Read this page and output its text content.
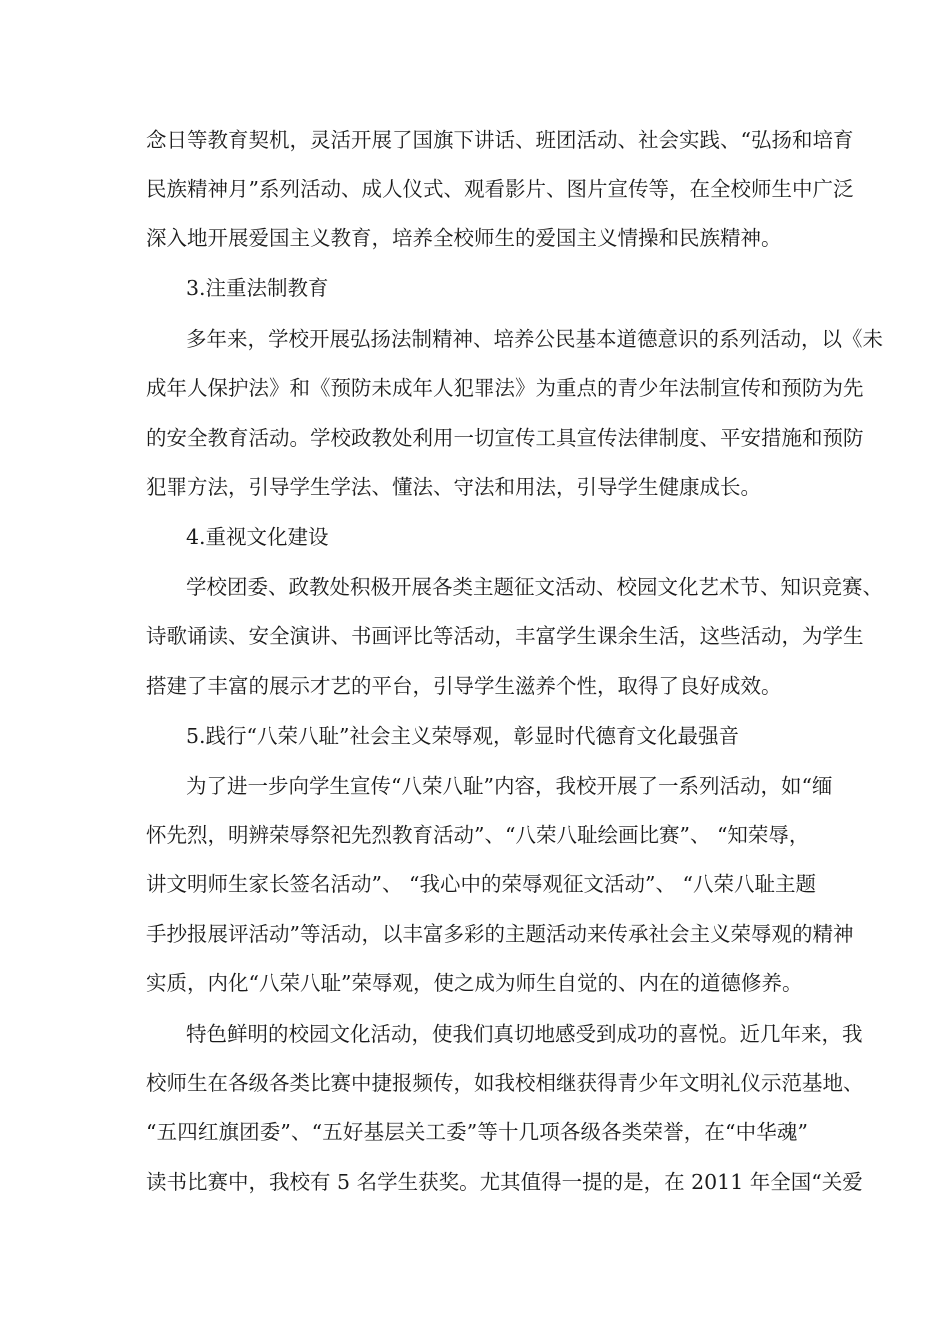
念日等教育契机，灵活开展了国旗下讲话、班团活动、社会实践、“弘扬和培育
民族精神月”系列活动、成人仪式、观看影片、图片宣传等，在全校师生中广泛
深入地开展爱国主义教育，培养全校师生的爱国主义情操和民族精神。
3.注重法制教育
多年来，学校开展弘扬法制精神、培养公民基本道德意识的系列活动，以《未
成年人保护法》和《预防未成年人犯罪法》为重点的青少年法制宣传和预防为先
的安全教育活动。学校政教处利用一切宣传工具宣传法律制度、平安措施和预防
犯罪方法，引导学生学法、懂法、守法和用法，引导学生健康成长。
4.重视文化建设
学校团委、政教处积极开展各类主题征文活动、校园文化艺术节、知识竞赛、
诗歌诵读、安全演讲、书画评比等活动，丰富学生课余生活，这些活动，为学生
搭建了丰富的展示才艺的平台，引导学生滋养个性，取得了良好成效。
5.践行“八荣八耻”社会主义荣辱观，彰显时代德育文化最强音
为了进一步向学生宣传“八荣八耻”内容，我校开展了一系列活动，如“缅
怀先烈，明辨荣辱祭祀先烈教育活动”、“八荣八耻绘画比赛”、 “知荣辱，
讲文明师生家长签名活动”、 “我心中的荣辱观征文活动”、 “八荣八耻主题
手抄报展评活动”等活动，以丰富多彩的主题活动来传承社会主义荣辱观的精神
实质，内化“八荣八耻”荣辱观，使之成为师生自觉的、内在的道德修养。
特色鲜明的校园文化活动，使我们真切地感受到成功的喜悦。近几年来，我
校师生在各级各类比赛中捷报频传，如我校相继获得青少年文明礼仪示范基地、
“五四红旗团委”、“五好基层关工委”等十几项各级各类荣誉，在“中华魂”
读书比赛中，我校有 5 名学生获奖。尤其值得一提的是，在 2011 年全国“关爱
